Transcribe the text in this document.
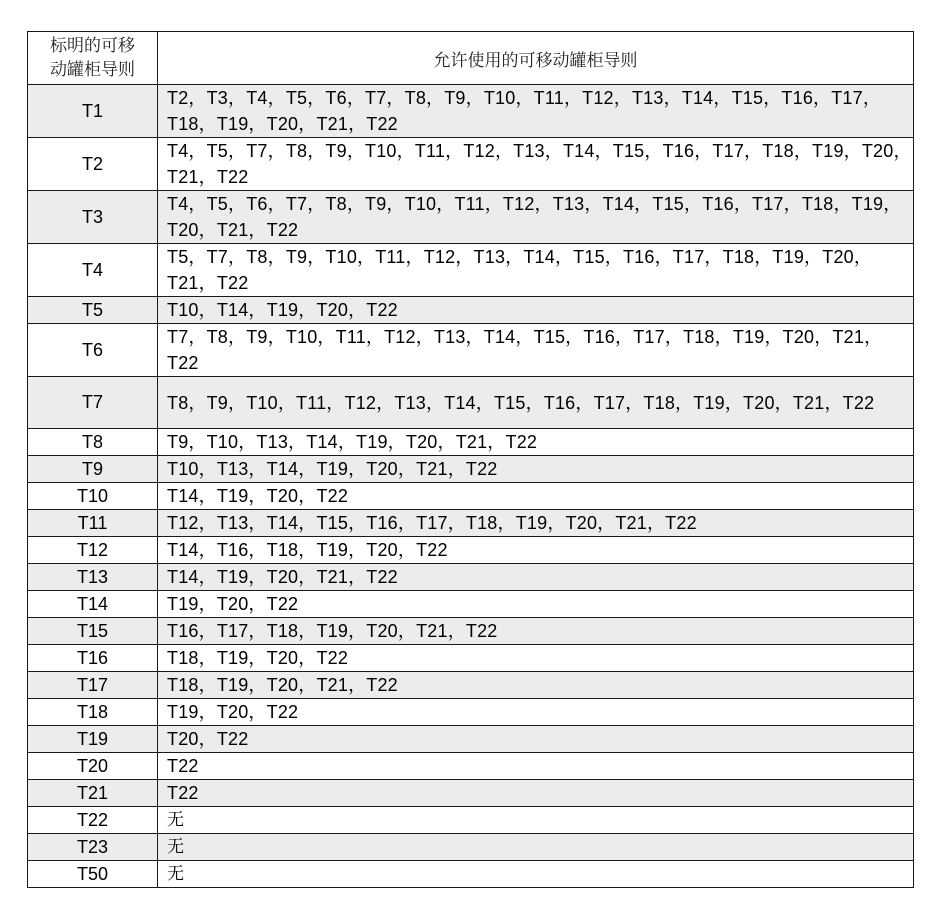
标明的可移
动罐柜导则	允许使用的可移动罐柜导则
T1	T2，T3，T4，T5，T6，T7，T8，T9，T10，T11，T12，T13，T14，T15，T16，T17，T18，T19，T20，T21，T22
T2	T4，T5，T7，T8，T9，T10，T11，T12，T13，T14，T15，T16，T17，T18，T19，T20，T21，T22
T3	T4，T5，T6，T7，T8，T9，T10，T11，T12，T13，T14，T15，T16，T17，T18，T19，T20，T21，T22
T4	T5，T7，T8，T9，T10，T11，T12，T13，T14，T15，T16，T17，T18，T19，T20，T21，T22
T5	T10，T14，T19，T20，T22
T6	T7，T8，T9，T10，T11，T12，T13，T14，T15，T16，T17，T18，T19，T20，T21，T22
T7	T8，T9，T10，T11，T12，T13，T14，T15，T16，T17，T18，T19，T20，T21，T22
T8	T9，T10，T13，T14，T19，T20，T21，T22
T9	T10，T13，T14，T19，T20，T21，T22
T10	T14，T19，T20，T22
T11	T12，T13，T14，T15，T16，T17，T18，T19，T20，T21，T22
T12	T14，T16，T18，T19，T20，T22
T13	T14，T19，T20，T21，T22
T14	T19，T20，T22
T15	T16，T17，T18，T19，T20，T21，T22
T16	T18，T19，T20，T22
T17	T18，T19，T20，T21，T22
T18	T19，T20，T22
T19	T20，T22
T20	T22
T21	T22
T22	无
T23	无
T50	无
